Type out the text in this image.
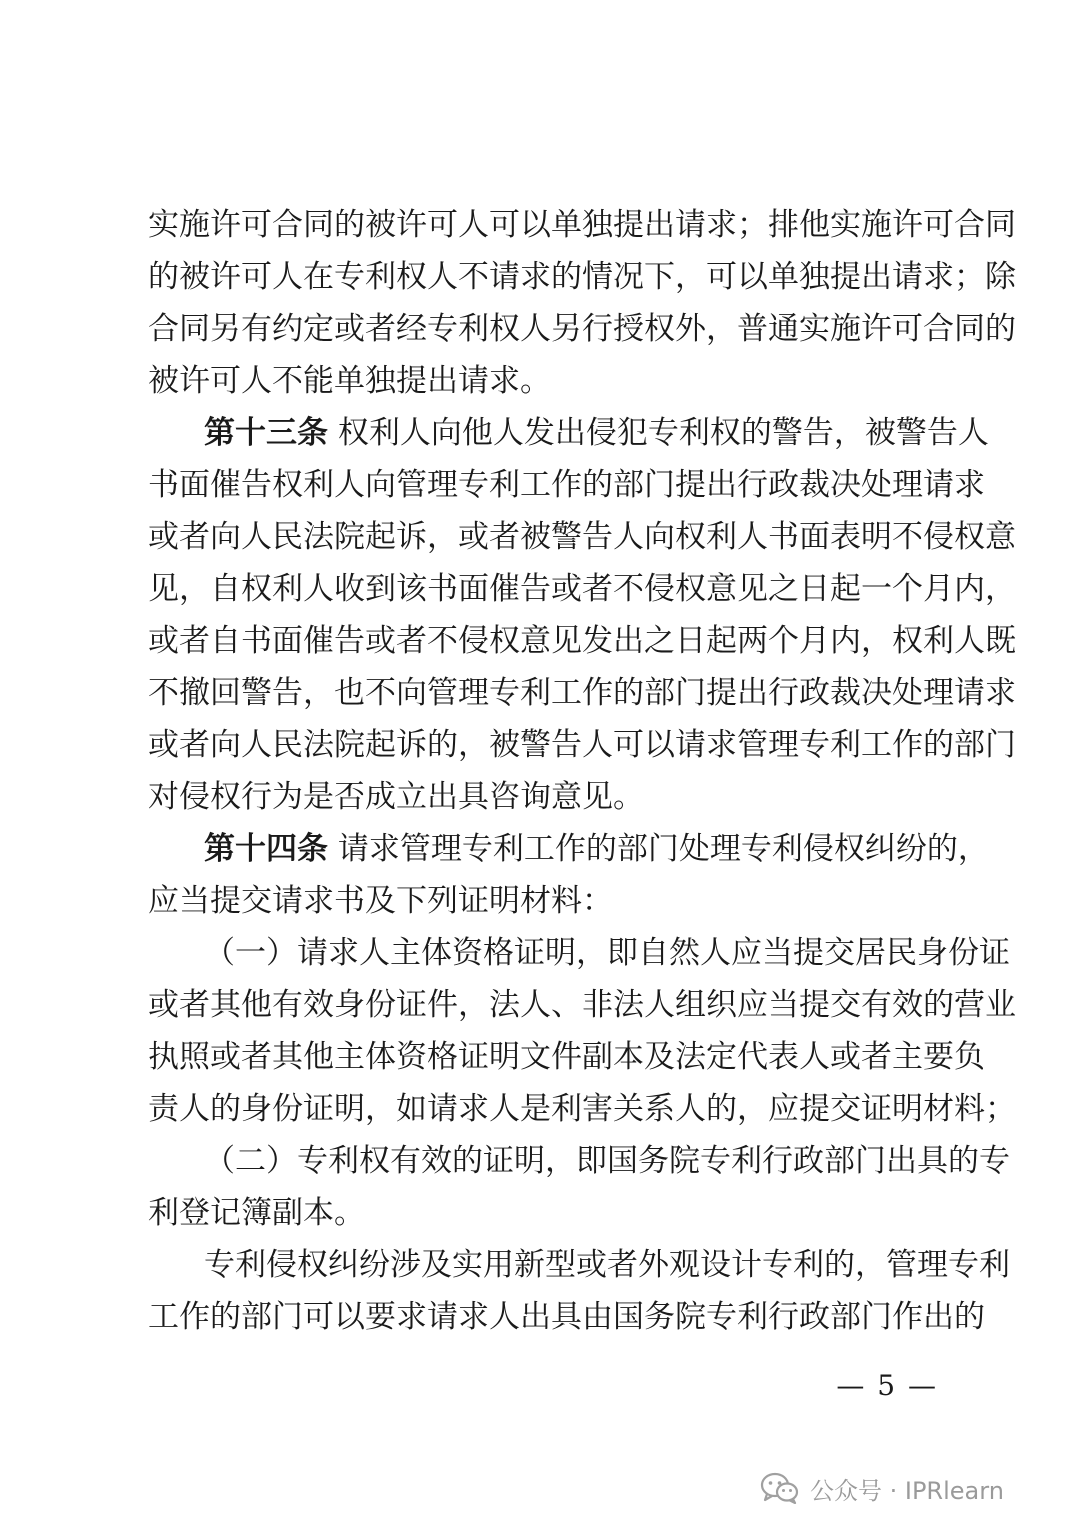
实施许可合同的被许可人可以单独提出请求；排他实施许可合同
的被许可人在专利权人不请求的情况下，可以单独提出请求；除
合同另有约定或者经专利权人另行授权外，普通实施许可合同的
被许可人不能单独提出请求。
第十三条 权利人向他人发出侵犯专利权的警告，被警告人
书面催告权利人向管理专利工作的部门提出行政裁决处理请求
或者向人民法院起诉，或者被警告人向权利人书面表明不侵权意
见，自权利人收到该书面催告或者不侵权意见之日起一个月内，
或者自书面催告或者不侵权意见发出之日起两个月内，权利人既
不撤回警告，也不向管理专利工作的部门提出行政裁决处理请求
或者向人民法院起诉的，被警告人可以请求管理专利工作的部门
对侵权行为是否成立出具咨询意见。
第十四条 请求管理专利工作的部门处理专利侵权纠纷的，
应当提交请求书及下列证明材料：
（一）请求人主体资格证明，即自然人应当提交居民身份证
或者其他有效身份证件，法人、非法人组织应当提交有效的营业
执照或者其他主体资格证明文件副本及法定代表人或者主要负
责人的身份证明，如请求人是利害关系人的，应提交证明材料；
（二）专利权有效的证明，即国务院专利行政部门出具的专
利登记簿副本。
专利侵权纠纷涉及实用新型或者外观设计专利的，管理专利
工作的部门可以要求请求人出具由国务院专利行政部门作出的
— 5 —
公众号 · IPRlearn
